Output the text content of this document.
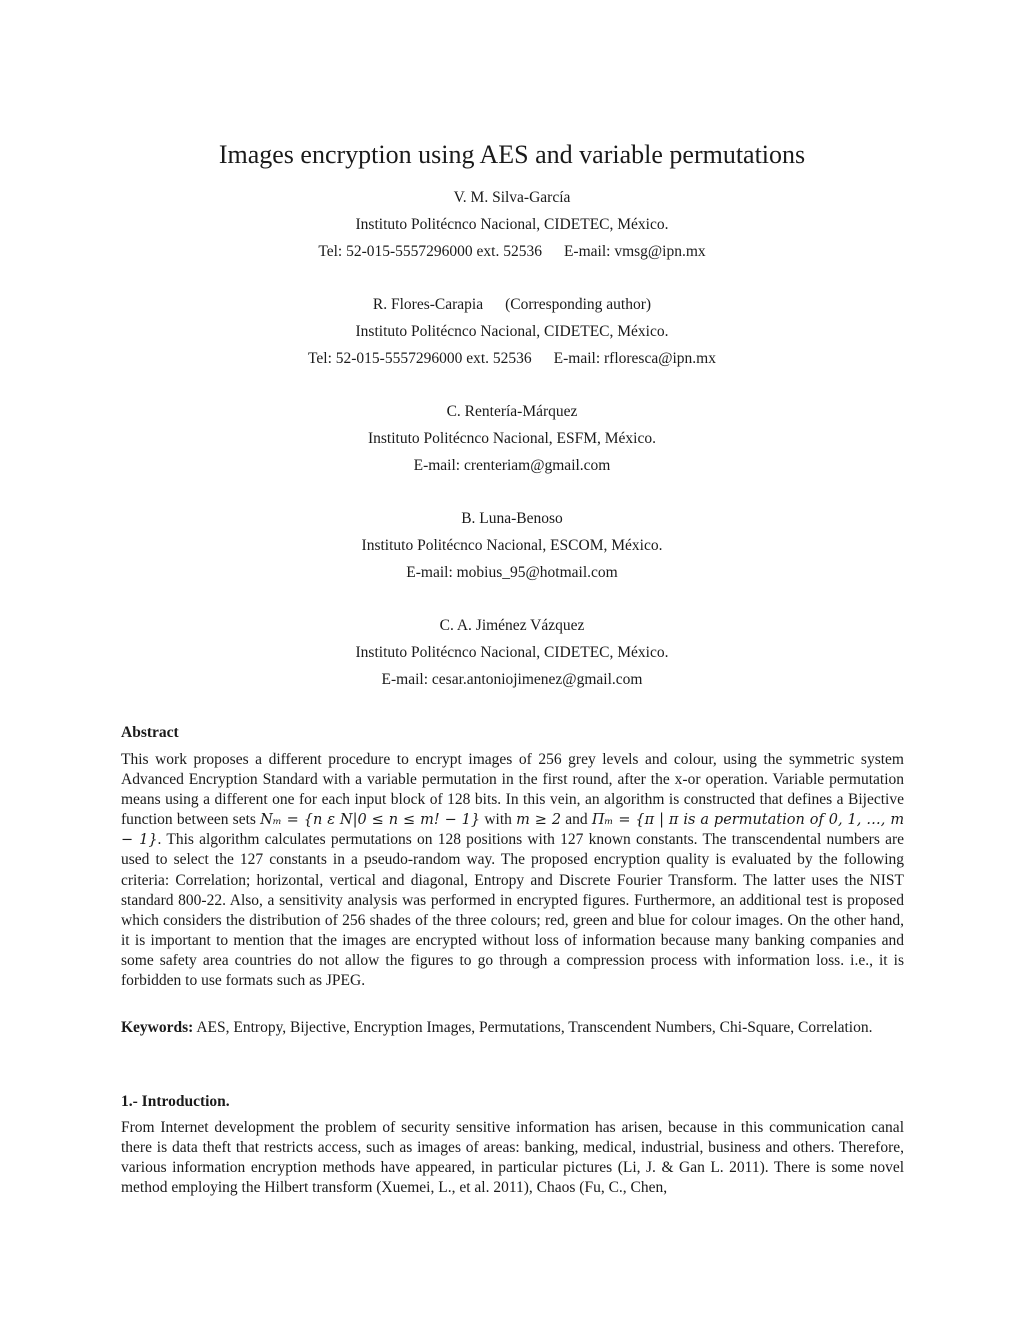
Images encryption using AES and variable permutations
V. M. Silva-García
Instituto Politécnco Nacional, CIDETEC, México.
Tel: 52-015-5557296000 ext. 52536 E-mail: vmsg@ipn.mx
R. Flores-Carapia (Corresponding author)
Instituto Politécnco Nacional, CIDETEC, México.
Tel: 52-015-5557296000 ext. 52536 E-mail: rfloresca@ipn.mx
C. Rentería-Márquez
Instituto Politécnco Nacional, ESFM, México.
E-mail: crenteriam@gmail.com
B. Luna-Benoso
Instituto Politécnco Nacional, ESCOM, México.
E-mail: mobius_95@hotmail.com
C. A. Jiménez Vázquez
Instituto Politécnco Nacional, CIDETEC, México.
E-mail: cesar.antoniojimenez@gmail.com
Abstract
This work proposes a different procedure to encrypt images of 256 grey levels and colour, using the symmetric system Advanced Encryption Standard with a variable permutation in the first round, after the x-or operation. Variable permutation means using a different one for each input block of 128 bits. In this vein, an algorithm is constructed that defines a Bijective function between sets Nₘ = {n ε N|0 ≤ n ≤ m! − 1} with m ≥ 2 and Πₘ = {π | π is a permutation of 0, 1, …, m − 1}. This algorithm calculates permutations on 128 positions with 127 known constants. The transcendental numbers are used to select the 127 constants in a pseudo-random way. The proposed encryption quality is evaluated by the following criteria: Correlation; horizontal, vertical and diagonal, Entropy and Discrete Fourier Transform. The latter uses the NIST standard 800-22. Also, a sensitivity analysis was performed in encrypted figures. Furthermore, an additional test is proposed which considers the distribution of 256 shades of the three colours; red, green and blue for colour images. On the other hand, it is important to mention that the images are encrypted without loss of information because many banking companies and some safety area countries do not allow the figures to go through a compression process with information loss. i.e., it is forbidden to use formats such as JPEG.
Keywords: AES, Entropy, Bijective, Encryption Images, Permutations, Transcendent Numbers, Chi-Square, Correlation.
1.- Introduction.
From Internet development the problem of security sensitive information has arisen, because in this communication canal there is data theft that restricts access, such as images of areas: banking, medical, industrial, business and others. Therefore, various information encryption methods have appeared, in particular pictures (Li, J. & Gan L. 2011). There is some novel method employing the Hilbert transform (Xuemei, L., et al. 2011), Chaos (Fu, C., Chen,
